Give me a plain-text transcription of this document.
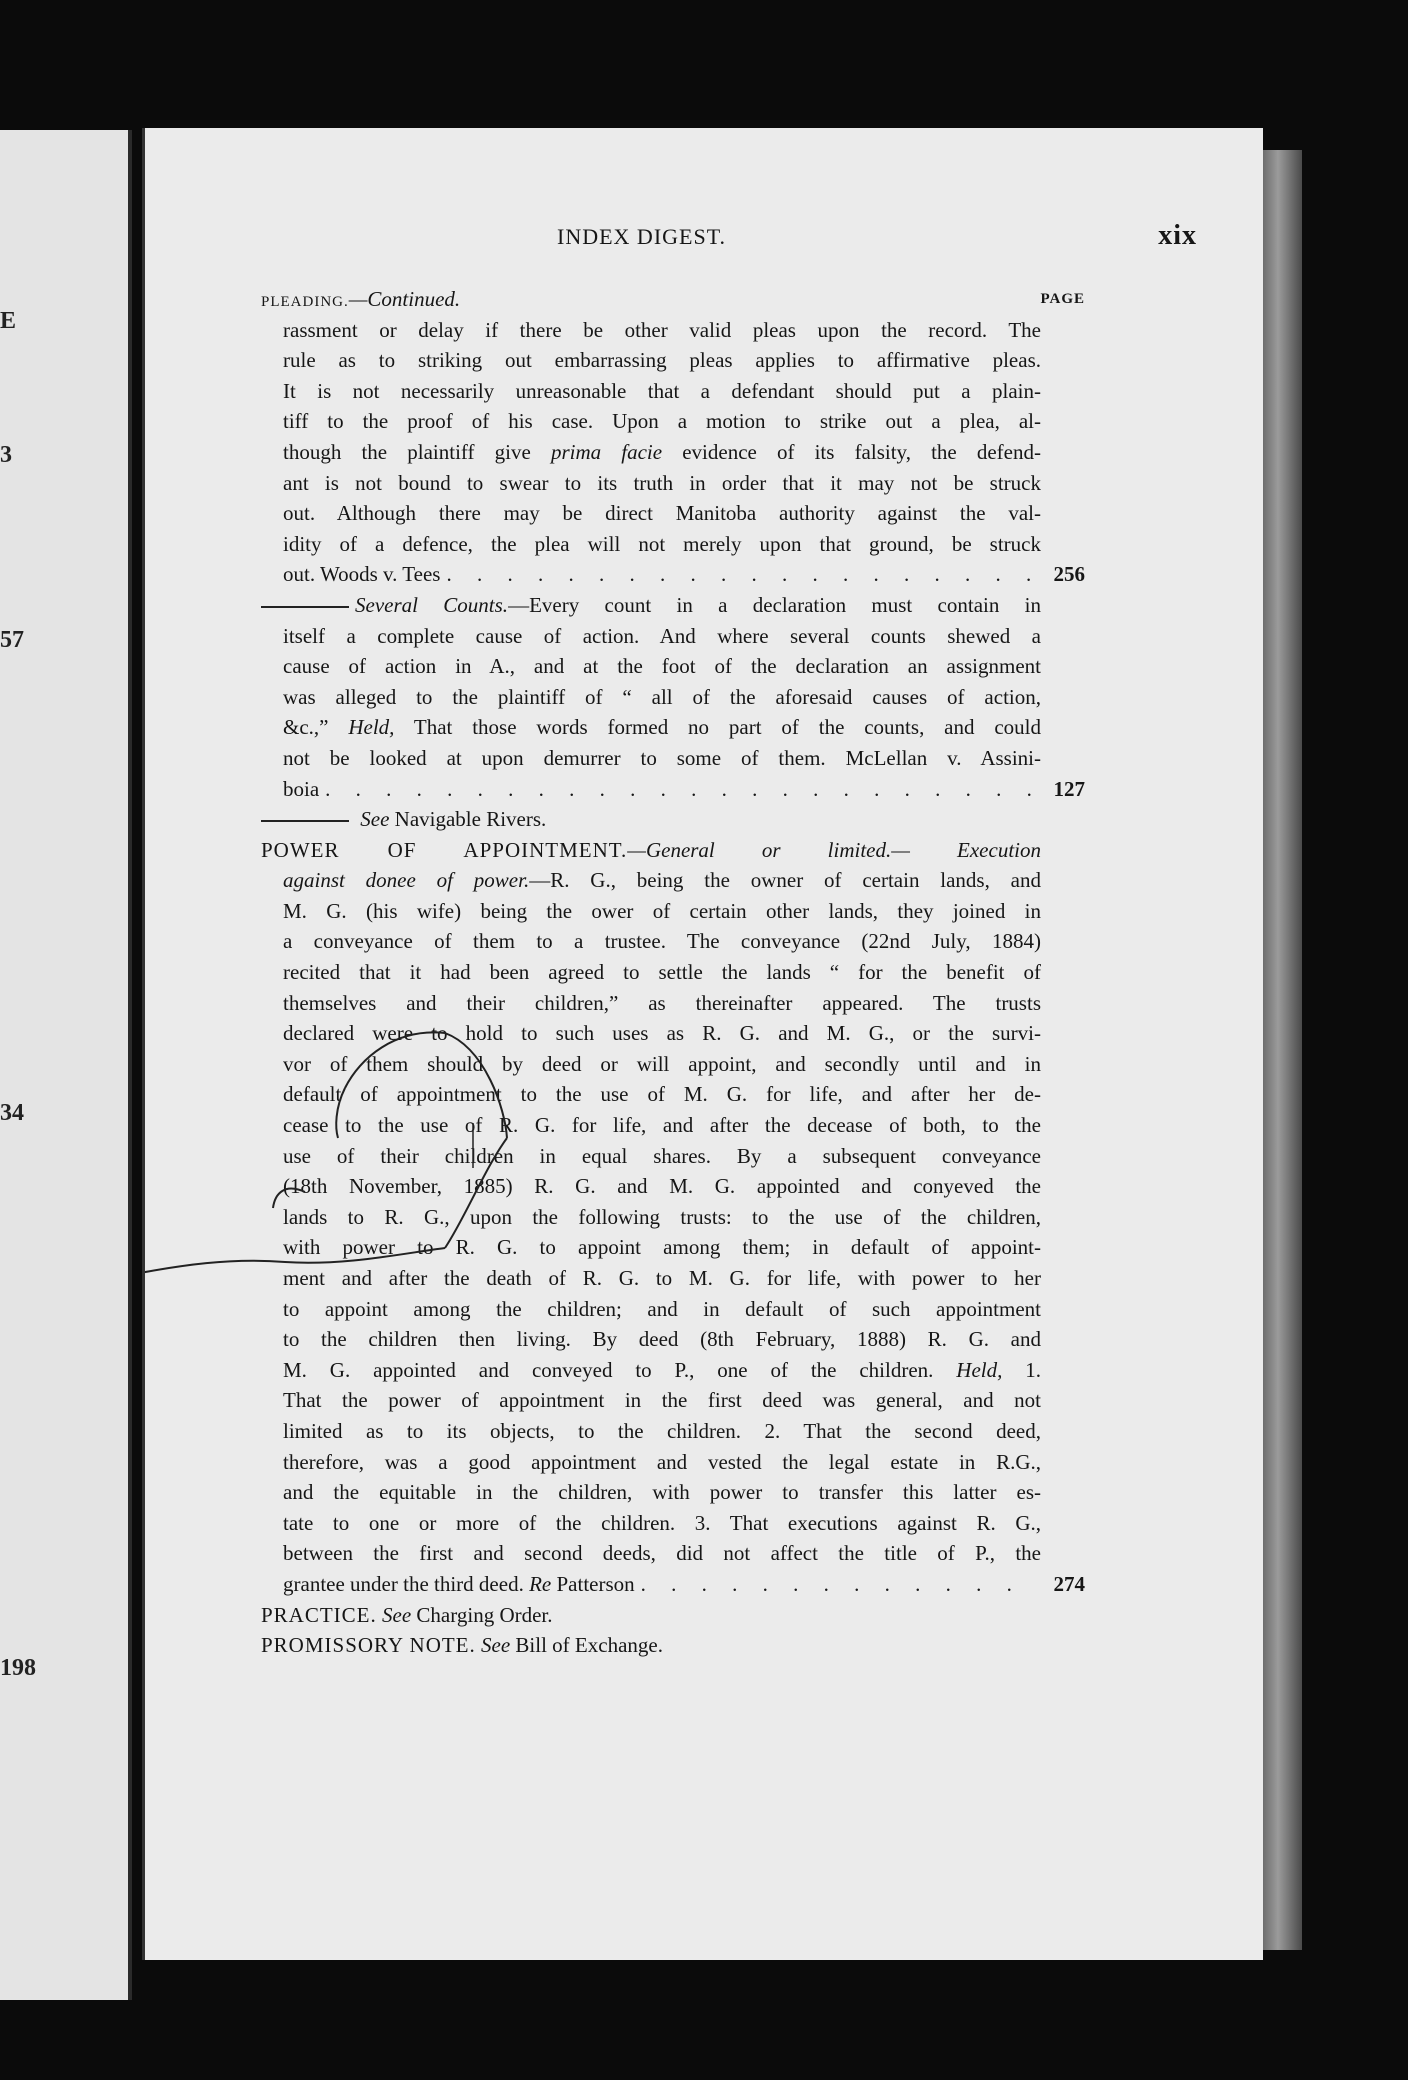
E
3
57
34
198
INDEX DIGEST.	xix
PLEADING.—Continued.	PAGE
rassment or delay if there be other valid pleas upon the record. The
rule as to striking out embarrassing pleas applies to affirmative pleas.
It is not necessarily unreasonable that a defendant should put a plain-
tiff to the proof of his case. Upon a motion to strike out a plea, al-
though the plaintiff give prima facie evidence of its falsity, the defend-
ant is not bound to swear to its truth in order that it may not be struck
out. Although there may be direct Manitoba authority against the val-
idity of a defence, the plea will not merely upon that ground, be struck
out. Woods v. Tees . . .	256
Several Counts.—Every count in a declaration must contain in
itself a complete cause of action. And where several counts shewed a
cause of action in A., and at the foot of the declaration an assignment
was alleged to the plaintiff of “ all of the aforesaid causes of action,
&c.,” Held, That those words formed no part of the counts, and could
not be looked at upon demurrer to some of them. McLellan v. Assini-
boia . . .	127
See Navigable Rivers.
POWER OF APPOINTMENT.—General or limited.— Execution
against donee of power.—R. G., being the owner of certain lands, and
M. G. (his wife) being the ower of certain other lands, they joined in
a conveyance of them to a trustee. The conveyance (22nd July, 1884)
recited that it had been agreed to settle the lands “ for the benefit of
themselves and their children,” as thereinafter appeared. The trusts
declared were to hold to such uses as R. G. and M. G., or the survi-
vor of them should by deed or will appoint, and secondly until and in
default of appointment to the use of M. G. for life, and after her de-
cease to the use of R. G. for life, and after the decease of both, to the
use of their children in equal shares. By a subsequent conveyance
(18th November, 1885) R. G. and M. G. appointed and conyeved the
lands to R. G., upon the following trusts: to the use of the children,
with power to R. G. to appoint among them; in default of appoint-
ment and after the death of R. G. to M. G. for life, with power to her
to appoint among the children; and in default of such appointment
to the children then living. By deed (8th February, 1888) R. G. and
M. G. appointed and conveyed to P., one of the children. Held, 1.
That the power of appointment in the first deed was general, and not
limited as to its objects, to the children. 2. That the second deed,
therefore, was a good appointment and vested the legal estate in R.G.,
and the equitable in the children, with power to transfer this latter es-
tate to one or more of the children. 3. That executions against R. G.,
between the first and second deeds, did not affect the title of P., the
grantee under the third deed. Re Patterson . . .	274
PRACTICE. See Charging Order.
PROMISSORY NOTE. See Bill of Exchange.
